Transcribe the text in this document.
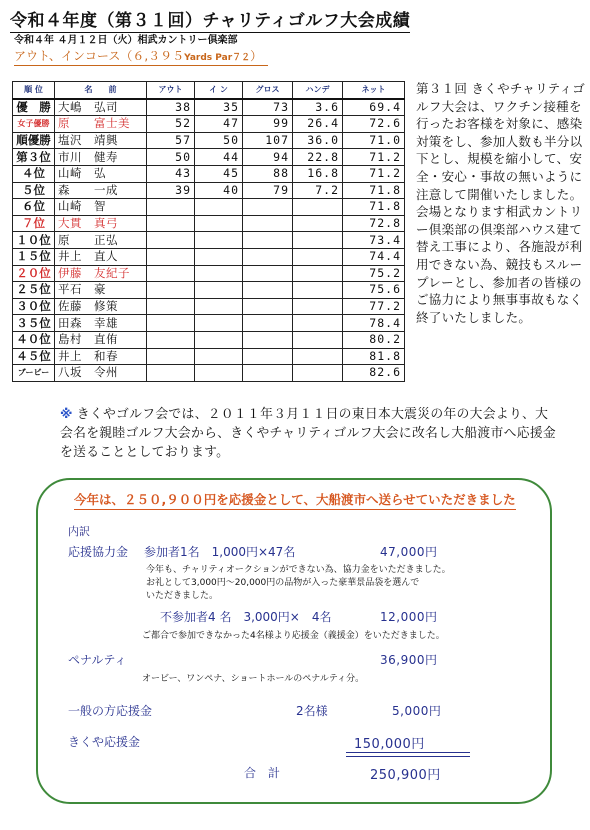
令和４年度（第３１回）チャリティゴルフ大会成績
令和４年 ４月１２日（火）相武カントリー倶楽部
アウト、インコース（６,３９５Yards Par７２）
順 位	名　　前	アウト	イ ン	グロス	ハンデ	ネット
優　勝	大嶋　弘司	38	35	73	3.6	69.4
女子優勝	原　　富士美	52	47	99	26.4	72.6
順優勝	塩沢　靖興	57	50	107	36.0	71.0
第３位	市川　健寿	50	44	94	22.8	71.2
４位	山崎　弘	43	45	88	16.8	71.2
５位	森　　一成	39	40	79	7.2	71.8
６位	山崎　智					71.8
７位	大貫　真弓					72.8
１０位	原　　正弘					73.4
１５位	井上　直人					74.4
２０位	伊藤　友紀子					75.2
２５位	平石　豪					75.6
３０位	佐藤　修策					77.2
３５位	田森　幸雄					78.4
４０位	島村　直侑					80.2
４５位	井上　和春					81.8
ブービー	八坂　令州					82.6

第３１回 きくやチャリティゴルフ大会は、ワクチン接種を行ったお客様を対象に、感染対策をし、参加人数も半分以下とし、規模を縮小して、安全・安心・事故の無いように注意して開催いたしました。

会場となります相武カントリー倶楽部の倶楽部ハウス建て替え工事により、各施設が利用できない為、競技もスループレーとし、参加者の皆様のご協力により無事事故もなく終了いたしました。

※ きくやゴルフ会では、２０１１年３月１１日の東日本大震災の年の大会より、大会名を親睦ゴルフ大会から、きくやチャリティゴルフ大会に改名し大船渡市へ応援金を送ることとしております。
今年は、２５０,９００円を応援金として、大船渡市へ送らせていただきました
内訳
応援協力金 参加者1名　1,000円×47名	47,000円
今年も、チャリティオークションができない為、協力金をいただきました。
お礼として3,000円〜20,000円の品物が入った豪華景品袋を選んで
いただきました。
不参加者4 名　3,000円×　4名	12,000円
ご都合で参加できなかった4名様より応援金（義援金）をいただきました。
ペナルティ	36,900円
オービー、ワンペナ、ショートホールのペナルティ分。
一般の方応援金	2名様	5,000円
きくや応援金	150,000円
合　計	250,900円
